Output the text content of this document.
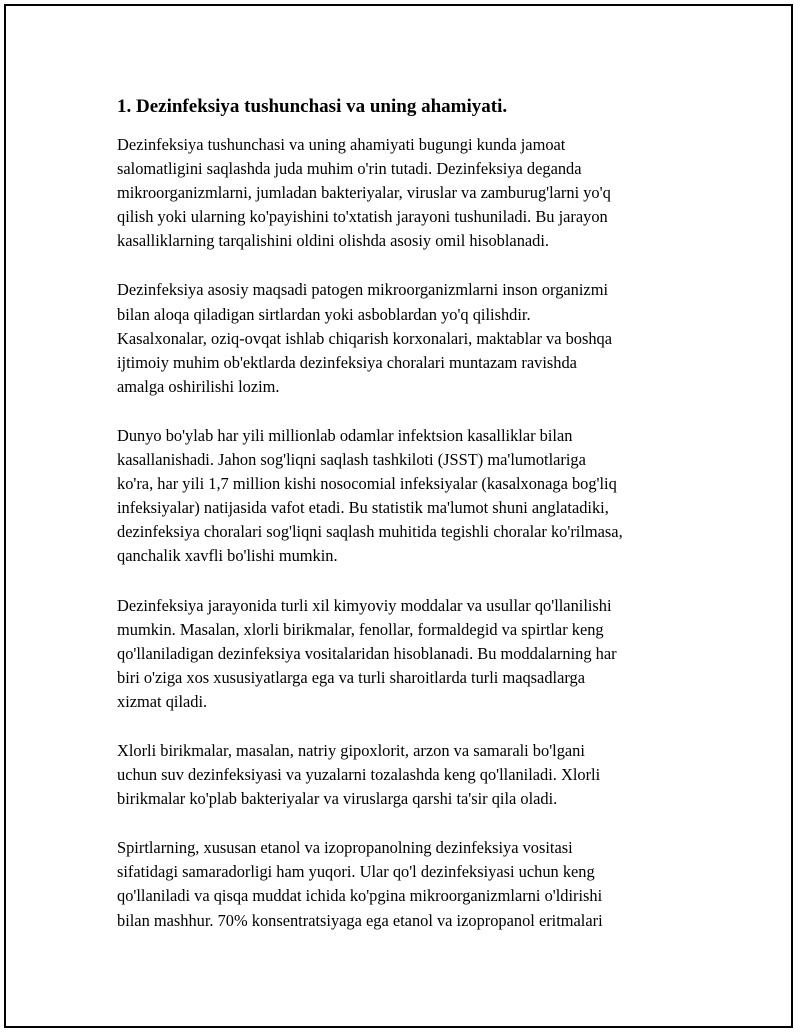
1. Dezinfeksiya tushunchasi va uning ahamiyati.

Dezinfeksiya tushunchasi va uning ahamiyati bugungi kunda jamoat
salomatligini saqlashda juda muhim o'rin tutadi. Dezinfeksiya deganda
mikroorganizmlarni, jumladan bakteriyalar, viruslar va zamburug'larni yo'q
qilish yoki ularning ko'payishini to'xtatish jarayoni tushuniladi. Bu jarayon
kasalliklarning tarqalishini oldini olishda asosiy omil hisoblanadi.

Dezinfeksiya asosiy maqsadi patogen mikroorganizmlarni inson organizmi
bilan aloqa qiladigan sirtlardan yoki asboblardan yo'q qilishdir.
Kasalxonalar, oziq-ovqat ishlab chiqarish korxonalari, maktablar va boshqa
ijtimoiy muhim ob'ektlarda dezinfeksiya choralari muntazam ravishda
amalga oshirilishi lozim.

Dunyo bo'ylab har yili millionlab odamlar infektsion kasalliklar bilan
kasallanishadi. Jahon sog'liqni saqlash tashkiloti (JSST) ma'lumotlariga
ko'ra, har yili 1,7 million kishi nosocomial infeksiyalar (kasalxonaga bog'liq
infeksiyalar) natijasida vafot etadi. Bu statistik ma'lumot shuni anglatadiki,
dezinfeksiya choralari sog'liqni saqlash muhitida tegishli choralar ko'rilmasa,
qanchalik xavfli bo'lishi mumkin.

Dezinfeksiya jarayonida turli xil kimyoviy moddalar va usullar qo'llanilishi
mumkin. Masalan, xlorli birikmalar, fenollar, formaldegid va spirtlar keng
qo'llaniladigan dezinfeksiya vositalaridan hisoblanadi. Bu moddalarning har
biri o'ziga xos xususiyatlarga ega va turli sharoitlarda turli maqsadlarga
xizmat qiladi.

Xlorli birikmalar, masalan, natriy gipoxlorit, arzon va samarali bo'lgani
uchun suv dezinfeksiyasi va yuzalarni tozalashda keng qo'llaniladi. Xlorli
birikmalar ko'plab bakteriyalar va viruslarga qarshi ta'sir qila oladi.

Spirtlarning, xususan etanol va izopropanolning dezinfeksiya vositasi
sifatidagi samaradorligi ham yuqori. Ular qo'l dezinfeksiyasi uchun keng
qo'llaniladi va qisqa muddat ichida ko'pgina mikroorganizmlarni o'ldirishi
bilan mashhur. 70% konsentratsiyaga ega etanol va izopropanol eritmalari
